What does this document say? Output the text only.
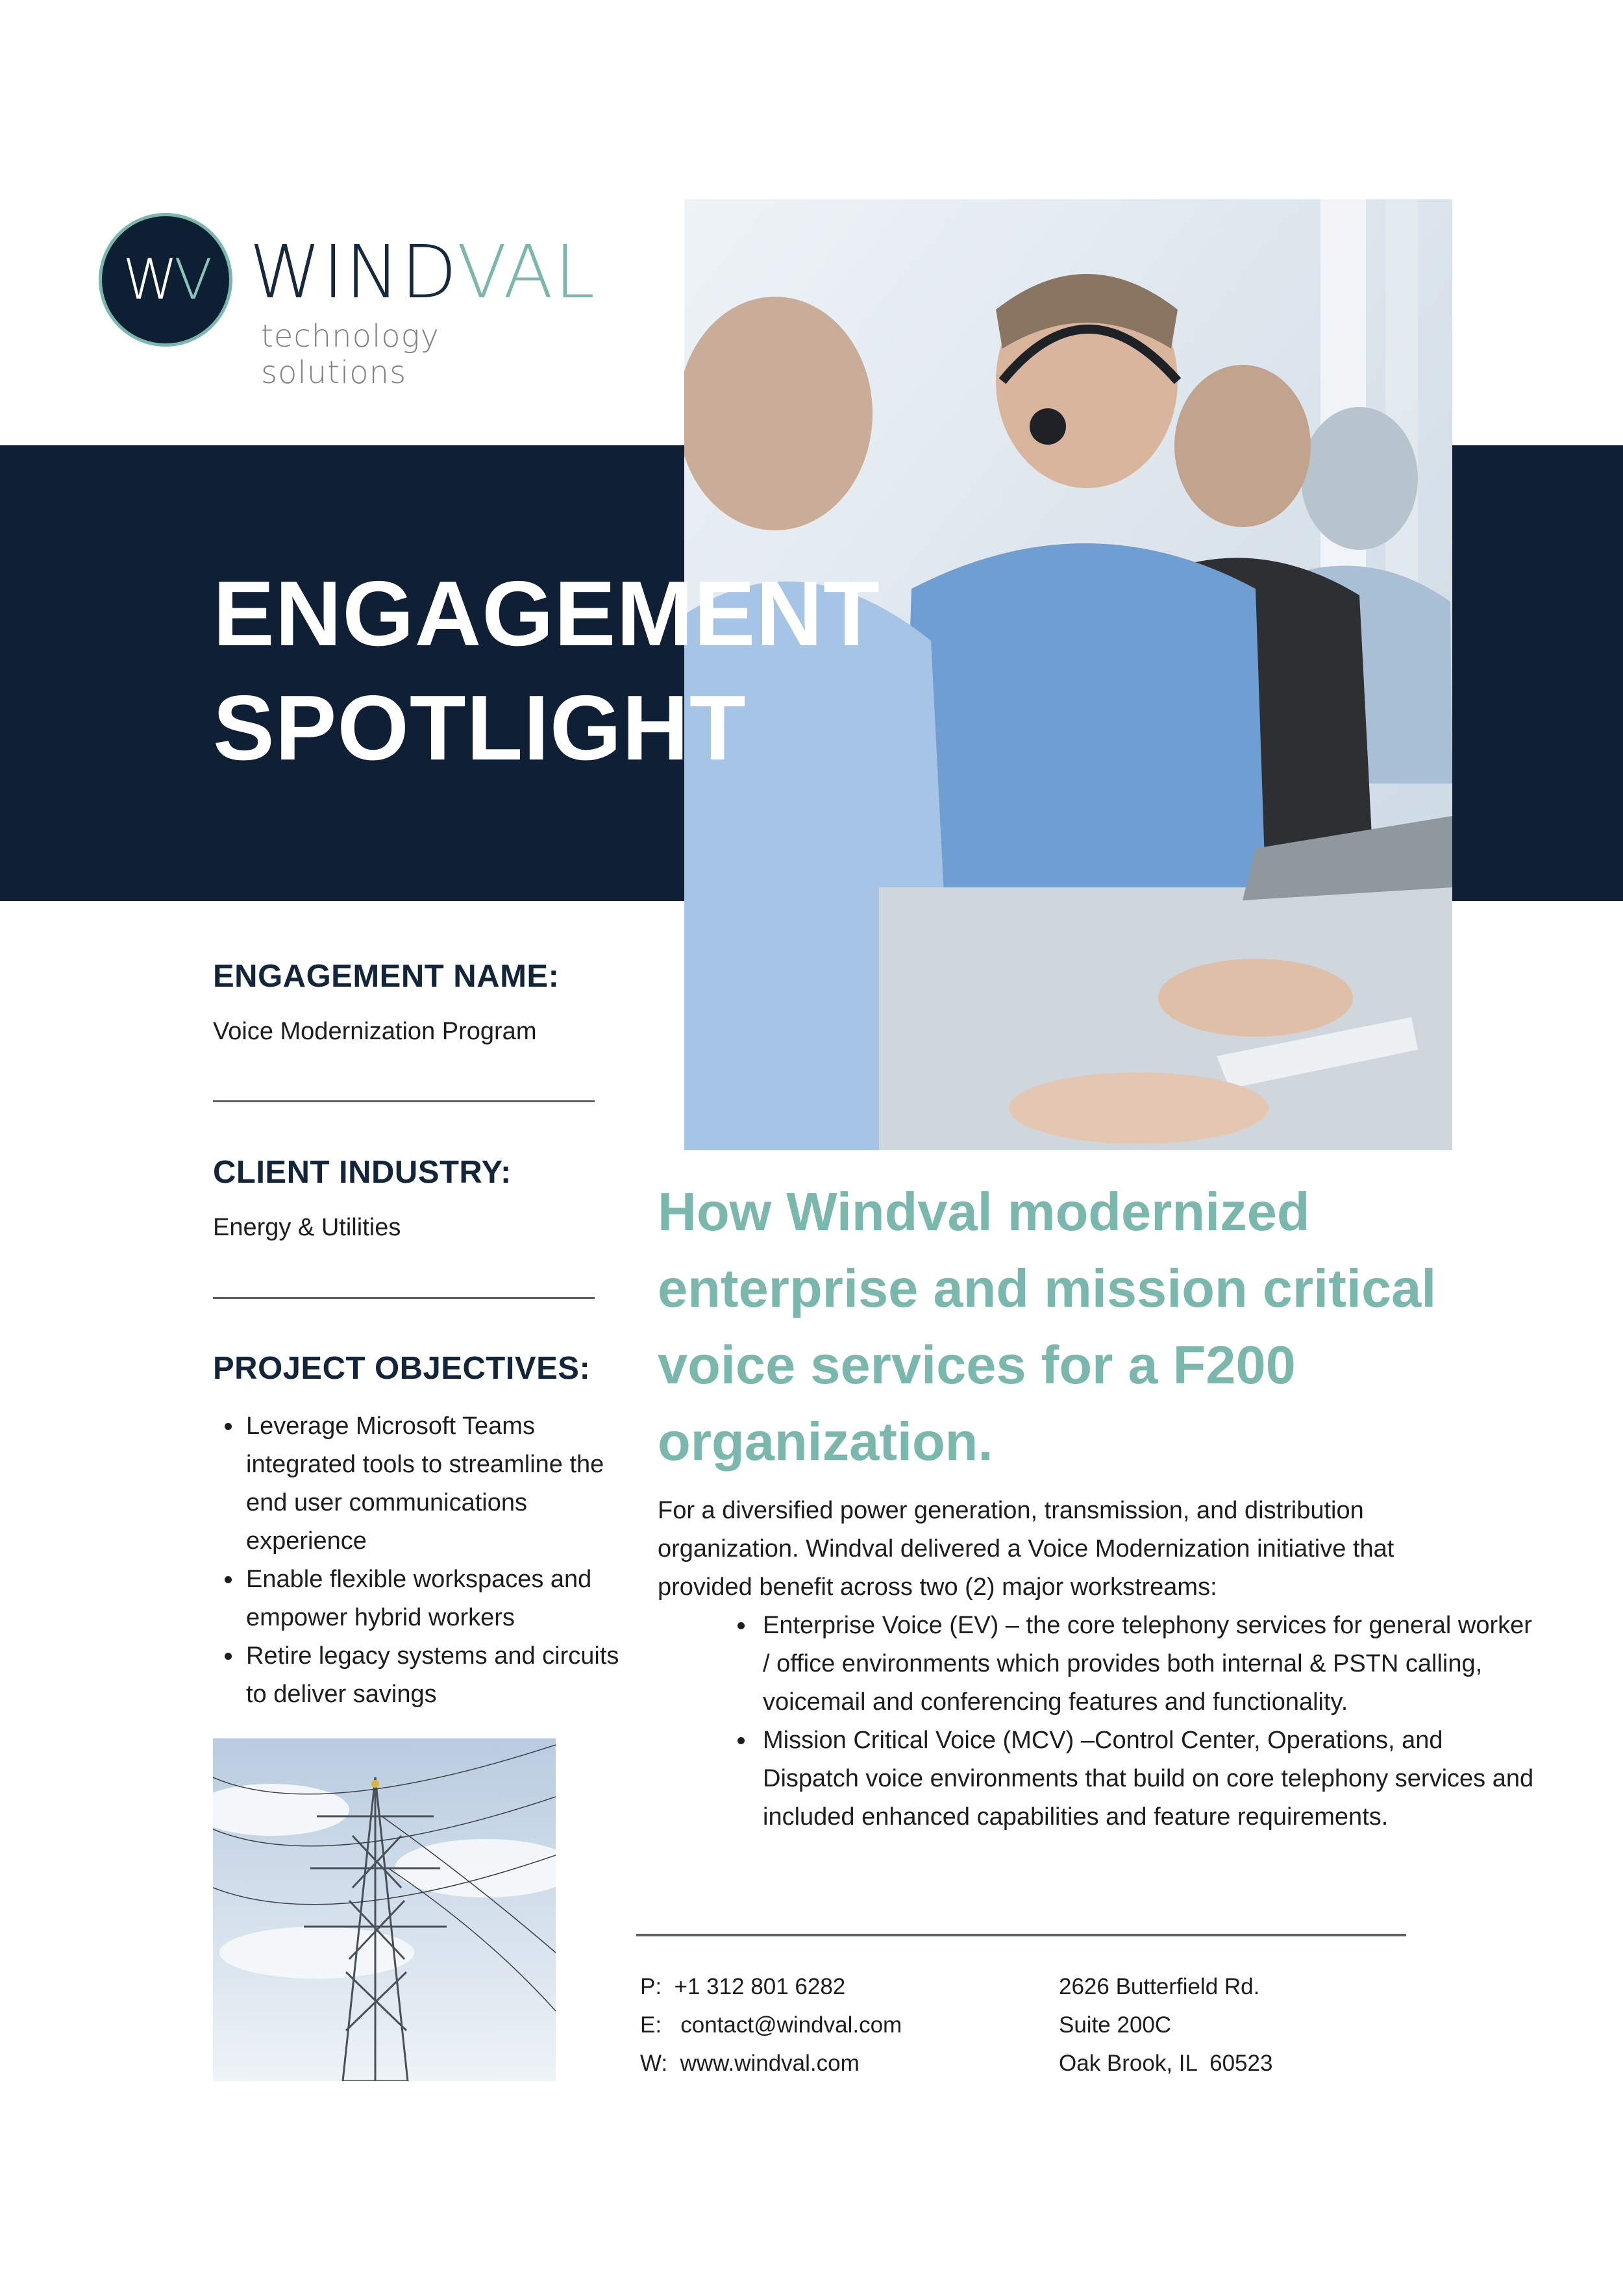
W V WINDVAL
technology solutions
ENGAGEMENT
SPOTLIGHT
ENGAGEMENT NAME:
Voice Modernization Program
CLIENT INDUSTRY:
Energy & Utilities
PROJECT OBJECTIVES:
• Leverage Microsoft Teams integrated tools to streamline the end user communications experience
• Enable flexible workspaces and empower hybrid workers
• Retire legacy systems and circuits to deliver savings
How Windval modernized enterprise and mission critical voice services for a F200 organization.

For a diversified power generation, transmission, and distribution organization. Windval delivered a Voice Modernization initiative that provided benefit across two (2) major workstreams:

• Enterprise Voice (EV) – the core telephony services for general worker / office environments which provides both internal & PSTN calling, voicemail and conferencing features and functionality.
• Mission Critical Voice (MCV) –Control Center, Operations, and Dispatch voice environments that build on core telephony services and included enhanced capabilities and feature requirements.
P:  +1 312 801 6282
E:   contact@windval.com
W:  www.windval.com
2626 Butterfield Rd.
Suite 200C
Oak Brook, IL  60523
